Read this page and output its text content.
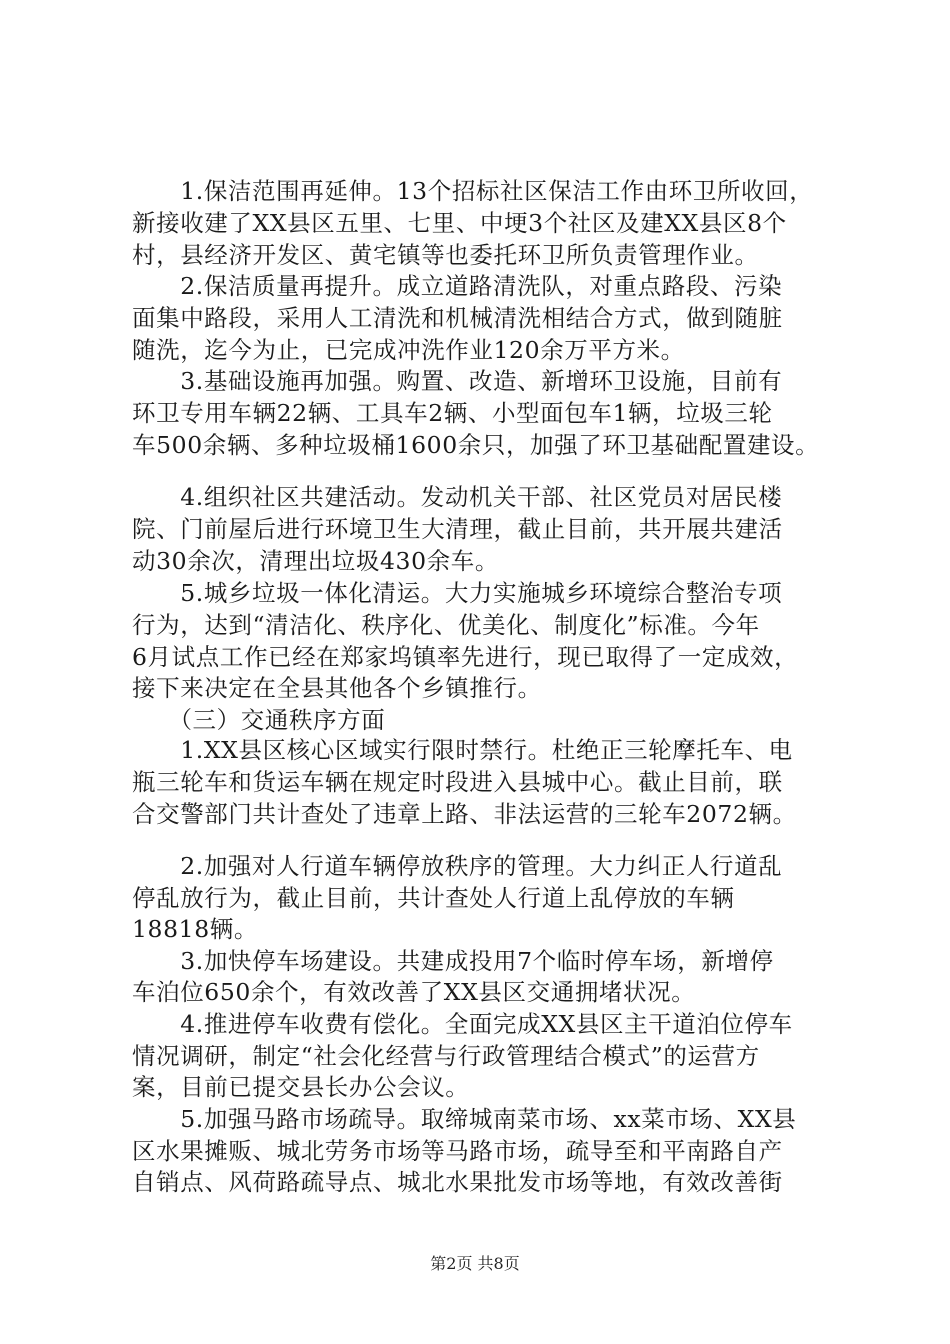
　　1.保洁范围再延伸。13个招标社区保洁工作由环卫所收回，
新接收建了XX县区五里、七里、中埂3个社区及建XX县区8个
村，县经济开发区、黄宅镇等也委托环卫所负责管理作业。
　　2.保洁质量再提升。成立道路清洗队，对重点路段、污染
面集中路段，采用人工清洗和机械清洗相结合方式，做到随脏
随洗，迄今为止，已完成冲洗作业120余万平方米。
　　3.基础设施再加强。购置、改造、新增环卫设施，目前有
环卫专用车辆22辆、工具车2辆、小型面包车1辆，垃圾三轮
车500余辆、多种垃圾桶1600余只，加强了环卫基础配置建设。
　　4.组织社区共建活动。发动机关干部、社区党员对居民楼
院、门前屋后进行环境卫生大清理，截止目前，共开展共建活
动30余次，清理出垃圾430余车。
　　5.城乡垃圾一体化清运。大力实施城乡环境综合整治专项
行为，达到“清洁化、秩序化、优美化、制度化”标准。今年
6月试点工作已经在郑家坞镇率先进行，现已取得了一定成效，
接下来决定在全县其他各个乡镇推行。
　　（三）交通秩序方面
　　1.XX县区核心区域实行限时禁行。杜绝正三轮摩托车、电
瓶三轮车和货运车辆在规定时段进入县城中心。截止目前，联
合交警部门共计查处了违章上路、非法运营的三轮车2072辆。
　　2.加强对人行道车辆停放秩序的管理。大力纠正人行道乱
停乱放行为，截止目前，共计查处人行道上乱停放的车辆
18818辆。
　　3.加快停车场建设。共建成投用7个临时停车场，新增停
车泊位650余个，有效改善了XX县区交通拥堵状况。
　　4.推进停车收费有偿化。全面完成XX县区主干道泊位停车
情况调研，制定“社会化经营与行政管理结合模式”的运营方
案，目前已提交县长办公会议。
　　5.加强马路市场疏导。取缔城南菜市场、xx菜市场、XX县
区水果摊贩、城北劳务市场等马路市场，疏导至和平南路自产
自销点、风荷路疏导点、城北水果批发市场等地，有效改善街
第2页 共8页
